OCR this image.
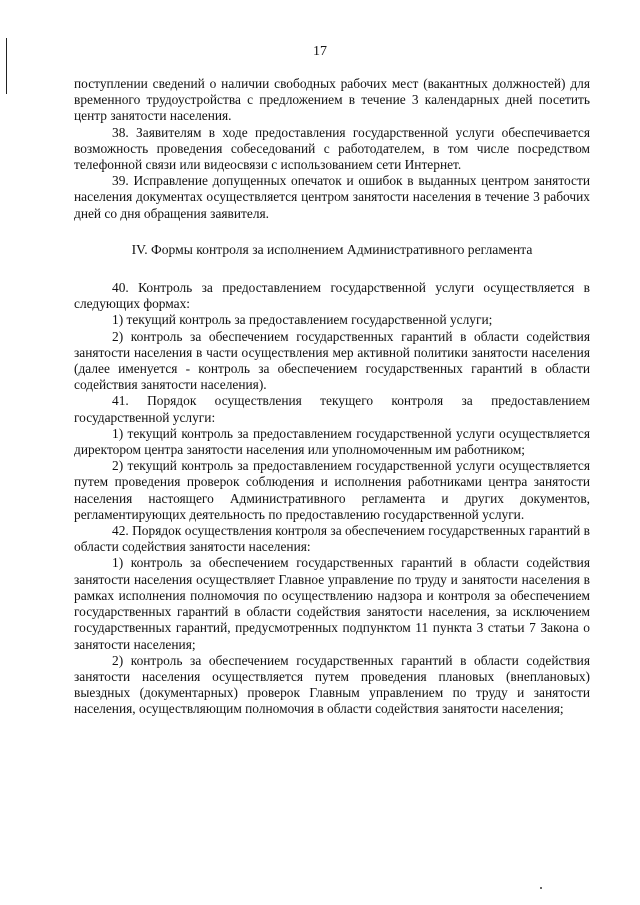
17

поступлении сведений о наличии свободных рабочих мест (вакантных должностей) для временного трудоустройства с предложением в течение 3 календарных дней посетить центр занятости населения.

38. Заявителям в ходе предоставления государственной услуги обеспечивается возможность проведения собеседований с работодателем, в том числе посредством телефонной связи или видеосвязи с использованием сети Интернет.

39. Исправление допущенных опечаток и ошибок в выданных центром занятости населения документах осуществляется центром занятости населения в течение 3 рабочих дней со дня обращения заявителя.

IV. Формы контроля за исполнением Административного регламента

40. Контроль за предоставлением государственной услуги осуществляется в следующих формах:

1) текущий контроль за предоставлением государственной услуги;

2) контроль за обеспечением государственных гарантий в области содействия занятости населения в части осуществления мер активной политики занятости населения (далее именуется - контроль за обеспечением государственных гарантий в области содействия занятости населения).

41. Порядок осуществления текущего контроля за предоставлением государственной услуги:

1) текущий контроль за предоставлением государственной услуги осуществляется директором центра занятости населения или уполномоченным им работником;

2) текущий контроль за предоставлением государственной услуги осуществляется путем проведения проверок соблюдения и исполнения работниками центра занятости населения настоящего Административного регламента и других документов, регламентирующих деятельность по предоставлению государственной услуги.

42. Порядок осуществления контроля за обеспечением государственных гарантий в области содействия занятости населения:

1) контроль за обеспечением государственных гарантий в области содействия занятости населения осуществляет Главное управление по труду и занятости населения в рамках исполнения полномочия по осуществлению надзора и контроля за обеспечением государственных гарантий в области содействия занятости населения, за исключением государственных гарантий, предусмотренных подпунктом 11 пункта 3 статьи 7 Закона о занятости населения;

2) контроль за обеспечением государственных гарантий в области содействия занятости населения осуществляется путем проведения плановых (внеплановых) выездных (документарных) проверок Главным управлением по труду и занятости населения, осуществляющим полномочия в области содействия занятости населения;
